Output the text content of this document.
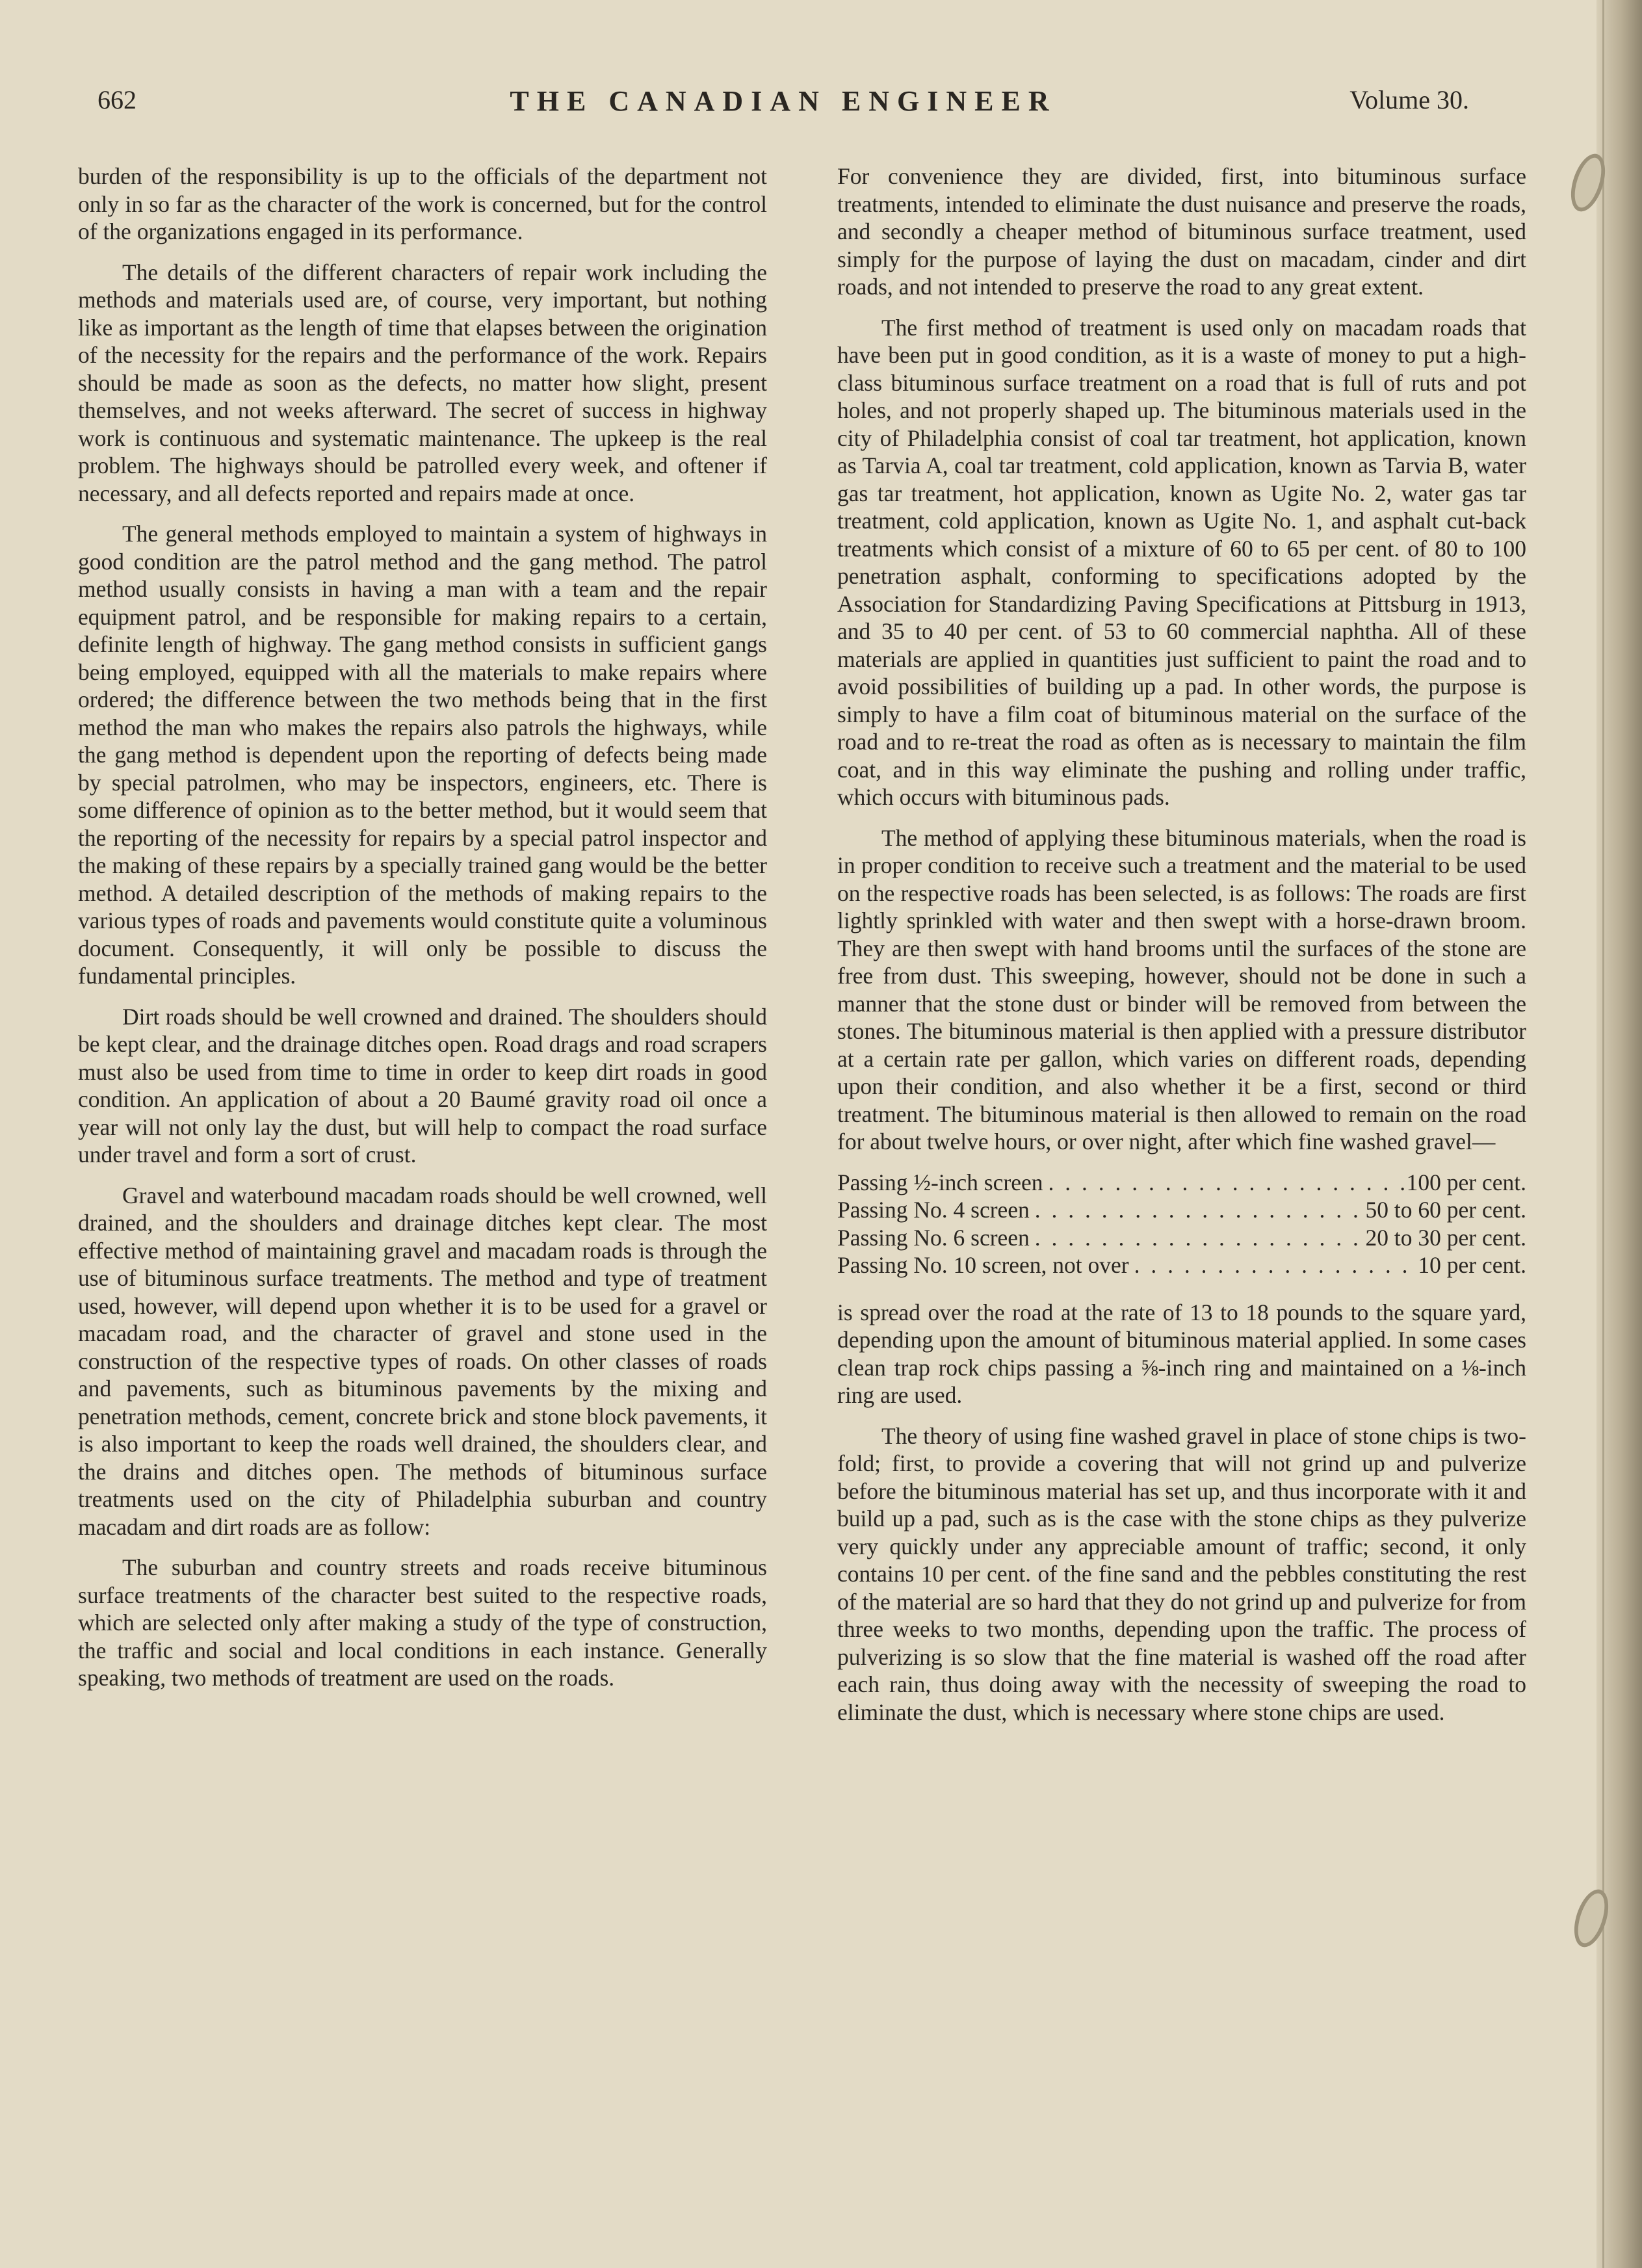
662	THE CANADIAN ENGINEER	Volume 30.

burden of the responsibility is up to the officials of the department not only in so far as the character of the work is concerned, but for the control of the organizations engaged in its performance.

The details of the different characters of repair work including the methods and materials used are, of course, very important, but nothing like as important as the length of time that elapses between the origination of the necessity for the repairs and the performance of the work. Repairs should be made as soon as the defects, no matter how slight, present themselves, and not weeks afterward. The secret of success in highway work is continuous and systematic maintenance. The upkeep is the real problem. The highways should be patrolled every week, and oftener if necessary, and all defects reported and repairs made at once.

The general methods employed to maintain a system of highways in good condition are the patrol method and the gang method. The patrol method usually consists in having a man with a team and the repair equipment patrol, and be responsible for making repairs to a certain, definite length of highway. The gang method consists in sufficient gangs being employed, equipped with all the materials to make repairs where ordered; the difference between the two methods being that in the first method the man who makes the repairs also patrols the highways, while the gang method is dependent upon the reporting of defects being made by special patrolmen, who may be inspectors, engineers, etc. There is some difference of opinion as to the better method, but it would seem that the reporting of the necessity for repairs by a special patrol inspector and the making of these repairs by a specially trained gang would be the better method. A detailed description of the methods of making repairs to the various types of roads and pavements would constitute quite a voluminous document. Consequently, it will only be possible to discuss the fundamental principles.

Dirt roads should be well crowned and drained. The shoulders should be kept clear, and the drainage ditches open. Road drags and road scrapers must also be used from time to time in order to keep dirt roads in good condition. An application of about a 20 Baumé gravity road oil once a year will not only lay the dust, but will help to compact the road surface under travel and form a sort of crust.

Gravel and waterbound macadam roads should be well crowned, well drained, and the shoulders and drainage ditches kept clear. The most effective method of maintaining gravel and macadam roads is through the use of bituminous surface treatments. The method and type of treatment used, however, will depend upon whether it is to be used for a gravel or macadam road, and the character of gravel and stone used in the construction of the respective types of roads. On other classes of roads and pavements, such as bituminous pavements by the mixing and penetration methods, cement, concrete brick and stone block pavements, it is also important to keep the roads well drained, the shoulders clear, and the drains and ditches open. The methods of bituminous surface treatments used on the city of Philadelphia suburban and country macadam and dirt roads are as follow:

The suburban and country streets and roads receive bituminous surface treatments of the character best suited to the respective roads, which are selected only after making a study of the type of construction, the traffic and social and local conditions in each instance. Generally speaking, two methods of treatment are used on the roads.

For convenience they are divided, first, into bituminous surface treatments, intended to eliminate the dust nuisance and preserve the roads, and secondly a cheaper method of bituminous surface treatment, used simply for the purpose of laying the dust on macadam, cinder and dirt roads, and not intended to preserve the road to any great extent.

The first method of treatment is used only on macadam roads that have been put in good condition, as it is a waste of money to put a high-class bituminous surface treatment on a road that is full of ruts and pot holes, and not properly shaped up. The bituminous materials used in the city of Philadelphia consist of coal tar treatment, hot application, known as Tarvia A, coal tar treatment, cold application, known as Tarvia B, water gas tar treatment, hot application, known as Ugite No. 2, water gas tar treatment, cold application, known as Ugite No. 1, and asphalt cut-back treatments which consist of a mixture of 60 to 65 per cent. of 80 to 100 penetration asphalt, conforming to specifications adopted by the Association for Standardizing Paving Specifications at Pittsburg in 1913, and 35 to 40 per cent. of 53 to 60 commercial naphtha. All of these materials are applied in quantities just sufficient to paint the road and to avoid possibilities of building up a pad. In other words, the purpose is simply to have a film coat of bituminous material on the surface of the road and to re-treat the road as often as is necessary to maintain the film coat, and in this way eliminate the pushing and rolling under traffic, which occurs with bituminous pads.

The method of applying these bituminous materials, when the road is in proper condition to receive such a treatment and the material to be used on the respective roads has been selected, is as follows: The roads are first lightly sprinkled with water and then swept with a horse-drawn broom. They are then swept with hand brooms until the surfaces of the stone are free from dust. This sweeping, however, should not be done in such a manner that the stone dust or binder will be removed from between the stones. The bituminous material is then applied with a pressure distributor at a certain rate per gallon, which varies on different roads, depending upon their condition, and also whether it be a first, second or third treatment. The bituminous material is then allowed to remain on the road for about twelve hours, or over night, after which fine washed gravel—

Passing ½-inch screen . . .	100 per cent.
Passing No. 4 screen . . .	50 to 60 per cent.
Passing No. 6 screen . . .	20 to 30 per cent.
Passing No. 10 screen, not over . . .	10 per cent.

is spread over the road at the rate of 13 to 18 pounds to the square yard, depending upon the amount of bituminous material applied. In some cases clean trap rock chips passing a ⅝-inch ring and maintained on a ⅛-inch ring are used.

The theory of using fine washed gravel in place of stone chips is two-fold; first, to provide a covering that will not grind up and pulverize before the bituminous material has set up, and thus incorporate with it and build up a pad, such as is the case with the stone chips as they pulverize very quickly under any appreciable amount of traffic; second, it only contains 10 per cent. of the fine sand and the pebbles constituting the rest of the material are so hard that they do not grind up and pulverize for from three weeks to two months, depending upon the traffic. The process of pulverizing is so slow that the fine material is washed off the road after each rain, thus doing away with the necessity of sweeping the road to eliminate the dust, which is necessary where stone chips are used.
